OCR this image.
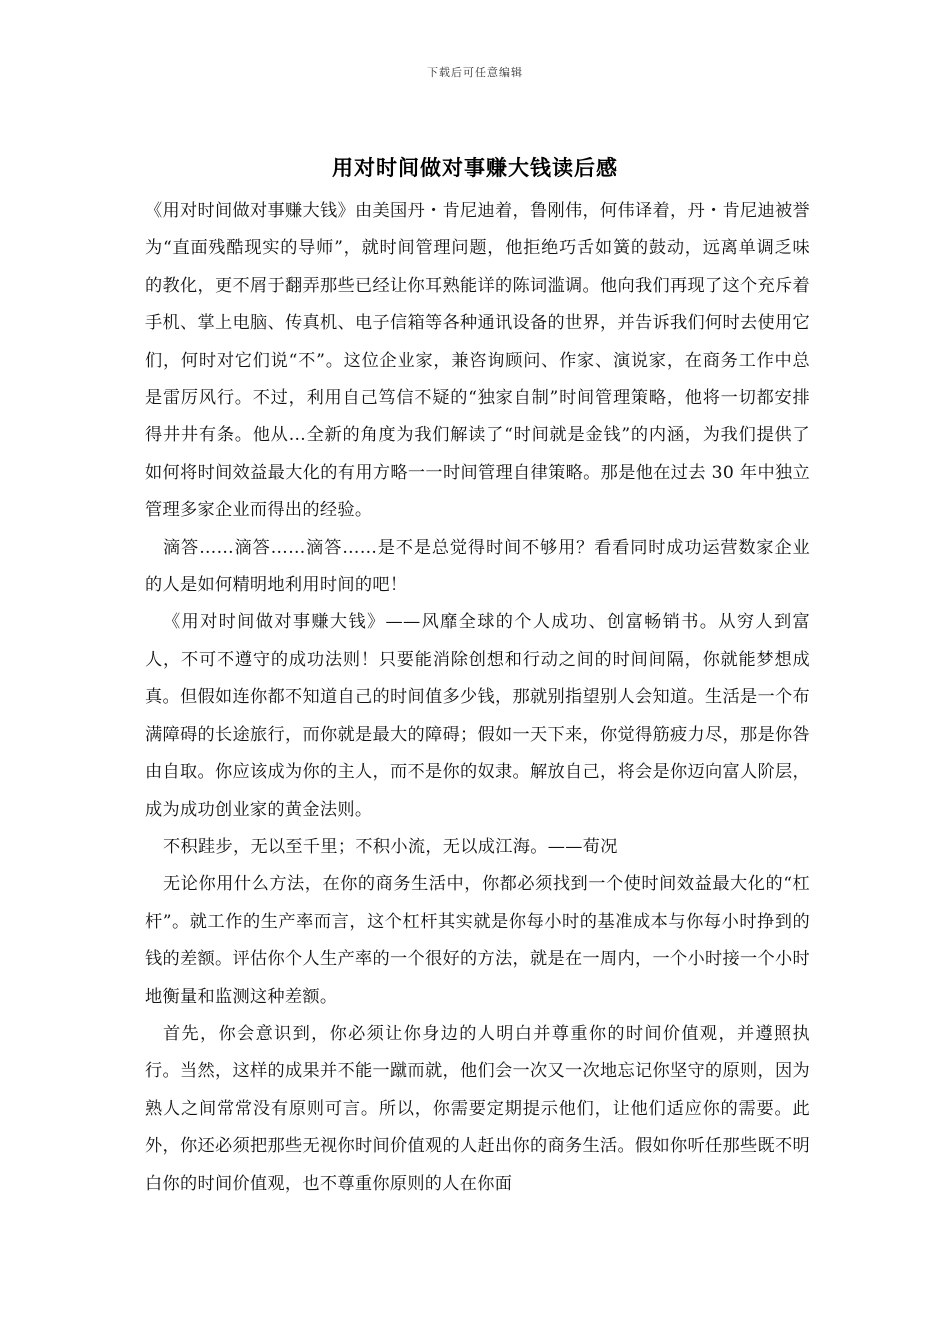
下载后可任意编辑
用对时间做对事赚大钱读后感

《用对时间做对事赚大钱》由美国丹・肯尼迪着，鲁刚伟，何伟译着，丹・肯尼迪被誉为“直面残酷现实的导师”，就时间管理问题，他拒绝巧舌如簧的鼓动，远离单调乏味的教化，更不屑于翻弄那些已经让你耳熟能详的陈词滥调。他向我们再现了这个充斥着手机、掌上电脑、传真机、电子信箱等各种通讯设备的世界，并告诉我们何时去使用它们，何时对它们说“不”。这位企业家，兼咨询顾问、作家、演说家，在商务工作中总是雷厉风行。不过，利用自己笃信不疑的“独家自制”时间管理策略，他将一切都安排得井井有条。他从…全新的角度为我们解读了“时间就是金钱”的内涵，为我们提供了如何将时间效益最大化的有用方略一一时间管理自律策略。那是他在过去 30 年中独立管理多家企业而得出的经验。

滴答……滴答……滴答……是不是总觉得时间不够用？看看同时成功运营数家企业的人是如何精明地利用时间的吧！

《用对时间做对事赚大钱》——风靡全球的个人成功、创富畅销书。从穷人到富人，不可不遵守的成功法则！只要能消除创想和行动之间的时间间隔，你就能梦想成真。但假如连你都不知道自己的时间值多少钱，那就别指望别人会知道。生活是一个布满障碍的长途旅行，而你就是最大的障碍；假如一天下来，你觉得筋疲力尽，那是你咎由自取。你应该成为你的主人，而不是你的奴隶。解放自己，将会是你迈向富人阶层，成为成功创业家的黄金法则。

不积跬步，无以至千里；不积小流，无以成江海。——荀况

无论你用什么方法，在你的商务生活中，你都必须找到一个使时间效益最大化的“杠杆”。就工作的生产率而言，这个杠杆其实就是你每小时的基准成本与你每小时挣到的钱的差额。评估你个人生产率的一个很好的方法，就是在一周内，一个小时接一个小时地衡量和监测这种差额。

首先，你会意识到，你必须让你身边的人明白并尊重你的时间价值观，并遵照执行。当然，这样的成果并不能一蹴而就，他们会一次又一次地忘记你坚守的原则，因为熟人之间常常没有原则可言。所以，你需要定期提示他们，让他们适应你的需要。此外，你还必须把那些无视你时间价值观的人赶出你的商务生活。假如你听任那些既不明白你的时间价值观，也不尊重你原则的人在你面
